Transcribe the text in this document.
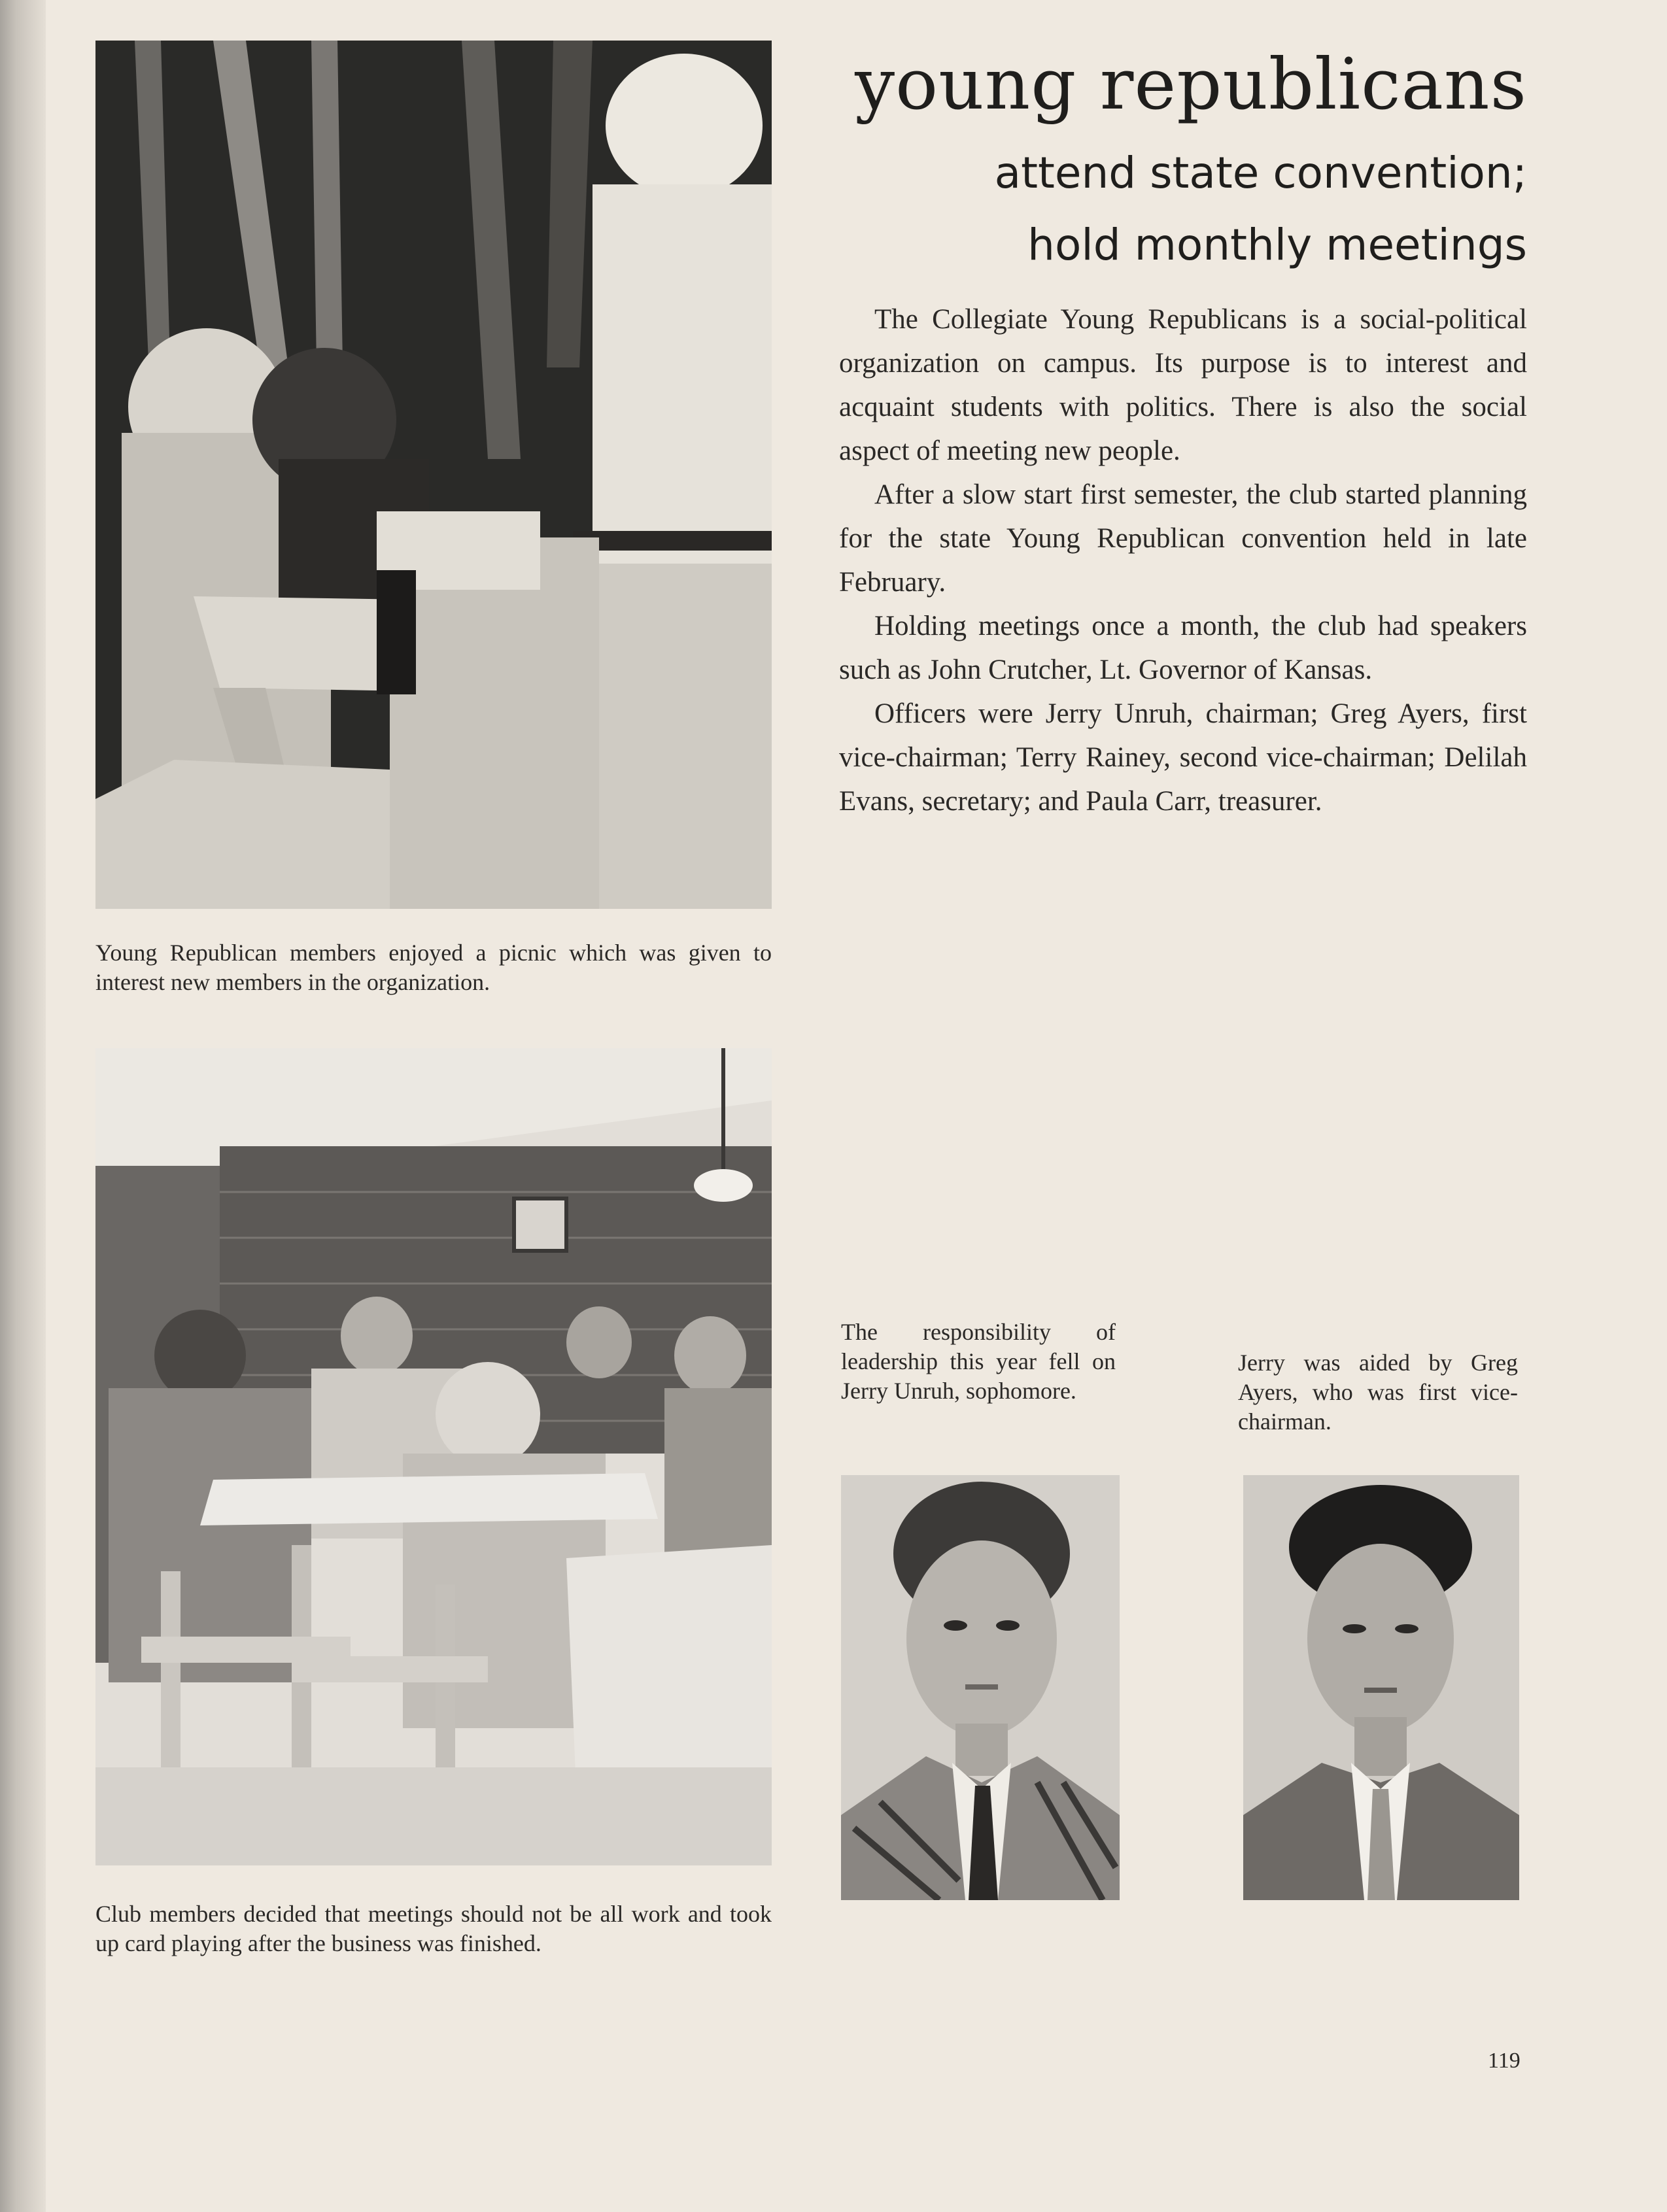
Young Republican members enjoyed a picnic which was given to interest new members in the organization.

Club members decided that meetings should not be all work and took up card playing after the business was finished.

young republicans
attend state convention;
hold monthly meetings

The Collegiate Young Republicans is a social-political organization on campus. Its purpose is to interest and acquaint students with politics. There is also the social aspect of meeting new people.

After a slow start first semester, the club started planning for the state Young Republican convention held in late February.

Holding meetings once a month, the club had speakers such as John Crutcher, Lt. Governor of Kansas.

Officers were Jerry Unruh, chairman; Greg Ayers, first vice-chairman; Terry Rainey, second vice-chairman; Delilah Evans, secretary; and Paula Carr, treasurer.

The responsibility of leadership this year fell on Jerry Unruh, sophomore.

Jerry was aided by Greg Ayers, who was first vice-chairman.

119
